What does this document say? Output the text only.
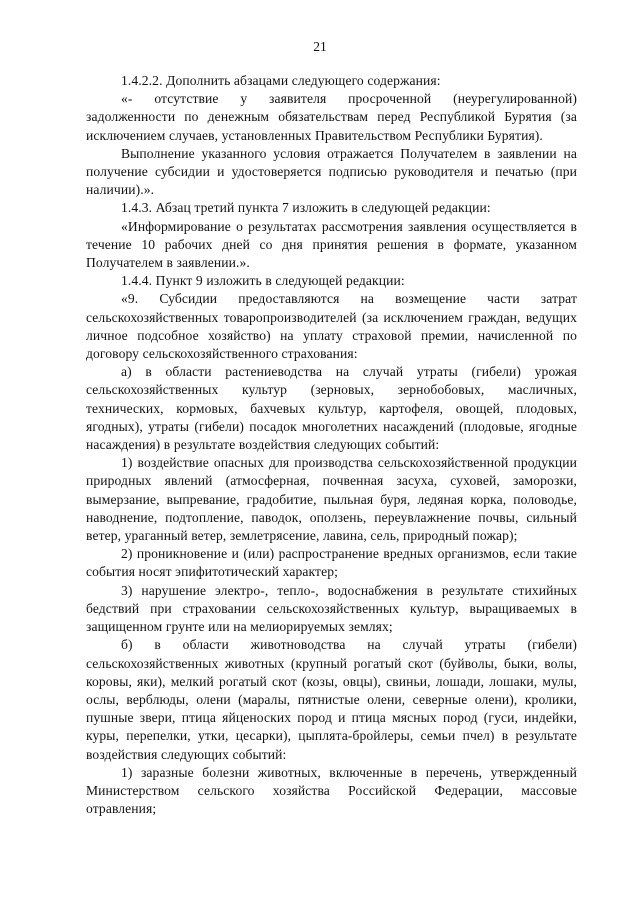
21

1.4.2.2. Дополнить абзацами следующего содержания:

«- отсутствие у заявителя просроченной (неурегулированной) задолженности по денежным обязательствам перед Республикой Бурятия (за исключением случаев, установленных Правительством Республики Бурятия).

Выполнение указанного условия отражается Получателем в заявлении на получение субсидии и удостоверяется подписью руководителя и печатью (при наличии).».

1.4.3. Абзац третий пункта 7 изложить в следующей редакции:

«Информирование о результатах рассмотрения заявления осуществляется в течение 10 рабочих дней со дня принятия решения в формате, указанном Получателем в заявлении.».

1.4.4. Пункт 9 изложить в следующей редакции:

«9. Субсидии предоставляются на возмещение части затрат сельскохозяйственных товаропроизводителей (за исключением граждан, ведущих личное подсобное хозяйство) на уплату страховой премии, начисленной по договору сельскохозяйственного страхования:

а) в области растениеводства на случай утраты (гибели) урожая сельскохозяйственных культур (зерновых, зернобобовых, масличных, технических, кормовых, бахчевых культур, картофеля, овощей, плодовых, ягодных), утраты (гибели) посадок многолетних насаждений (плодовые, ягодные насаждения) в результате воздействия следующих событий:

1) воздействие опасных для производства сельскохозяйственной продукции природных явлений (атмосферная, почвенная засуха, суховей, заморозки, вымерзание, выпревание, градобитие, пыльная буря, ледяная корка, половодье, наводнение, подтопление, паводок, оползень, переувлажнение почвы, сильный ветер, ураганный ветер, землетрясение, лавина, сель, природный пожар);

2) проникновение и (или) распространение вредных организмов, если такие события носят эпифитотический характер;

3) нарушение электро-, тепло-, водоснабжения в результате стихийных бедствий при страховании сельскохозяйственных культур, выращиваемых в защищенном грунте или на мелиорируемых землях;

б) в области животноводства на случай утраты (гибели) сельскохозяйственных животных (крупный рогатый скот (буйволы, быки, волы, коровы, яки), мелкий рогатый скот (козы, овцы), свиньи, лошади, лошаки, мулы, ослы, верблюды, олени (маралы, пятнистые олени, северные олени), кролики, пушные звери, птица яйценоских пород и птица мясных пород (гуси, индейки, куры, перепелки, утки, цесарки), цыплята-бройлеры, семьи пчел) в результате воздействия следующих событий:

1) заразные болезни животных, включенные в перечень, утвержденный Министерством сельского хозяйства Российской Федерации, массовые отравления;
